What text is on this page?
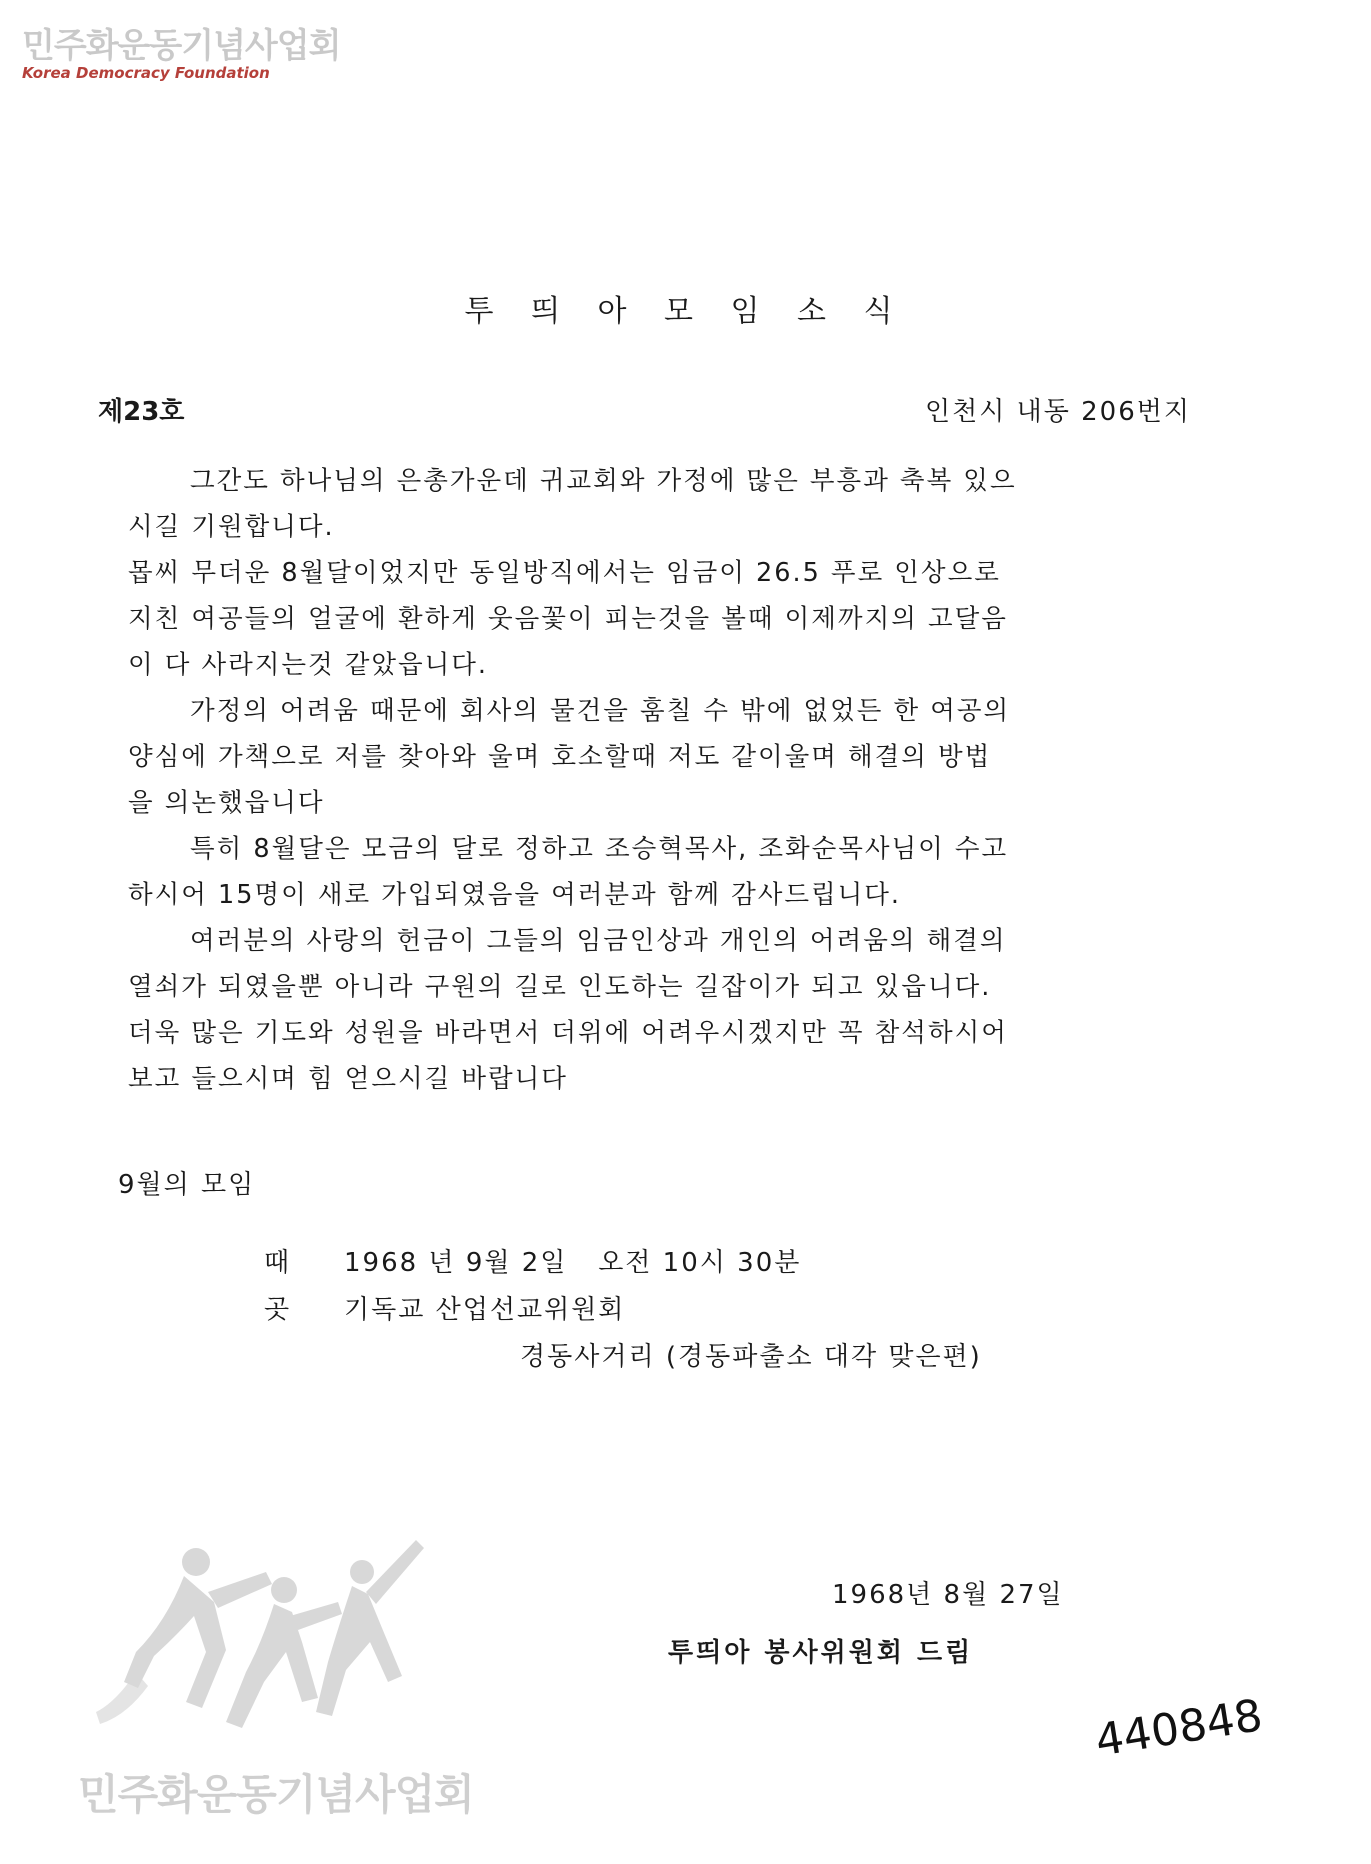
민주화운동기념사업회
Korea Democracy Foundation
투 띄 아 모 임 소 식
제23호	인천시 내동 206번지

그간도 하나님의 은총가운데 귀교회와 가정에 많은 부흥과 축복 있으

시길 기원합니다.

몹씨 무더운 8월달이었지만 동일방직에서는 임금이 26.5 푸로 인상으로

지친 여공들의 얼굴에 환하게 웃음꽃이 피는것을 볼때 이제까지의 고달음

이 다 사라지는것 같았읍니다.

가정의 어려움 때문에 회사의 물건을 훔칠 수 밖에 없었든 한 여공의

양심에 가책으로 저를 찾아와 울며 호소할때 저도 같이울며 해결의 방법

을 의논했읍니다

특히 8월달은 모금의 달로 정하고 조승혁목사, 조화순목사님이 수고

하시어 15명이 새로 가입되였음을 여러분과 함께 감사드립니다.

여러분의 사랑의 헌금이 그들의 임금인상과 개인의 어려움의 해결의

열쇠가 되였을뿐 아니라 구원의 길로 인도하는 길잡이가 되고 있읍니다.

더욱 많은 기도와 성원을 바라면서 더위에 어려우시겠지만 꼭 참석하시어

보고 들으시며 힘 얻으시길 바랍니다

9월의 모임
때 1968 년 9월 2일   오전 10시 30분
곳 기독교 산업선교위원회
경동사거리 (경동파출소 대각 맞은편)
1968년 8월 27일
투띄아 봉사위원회 드림
440848
민주화운동기념사업회
